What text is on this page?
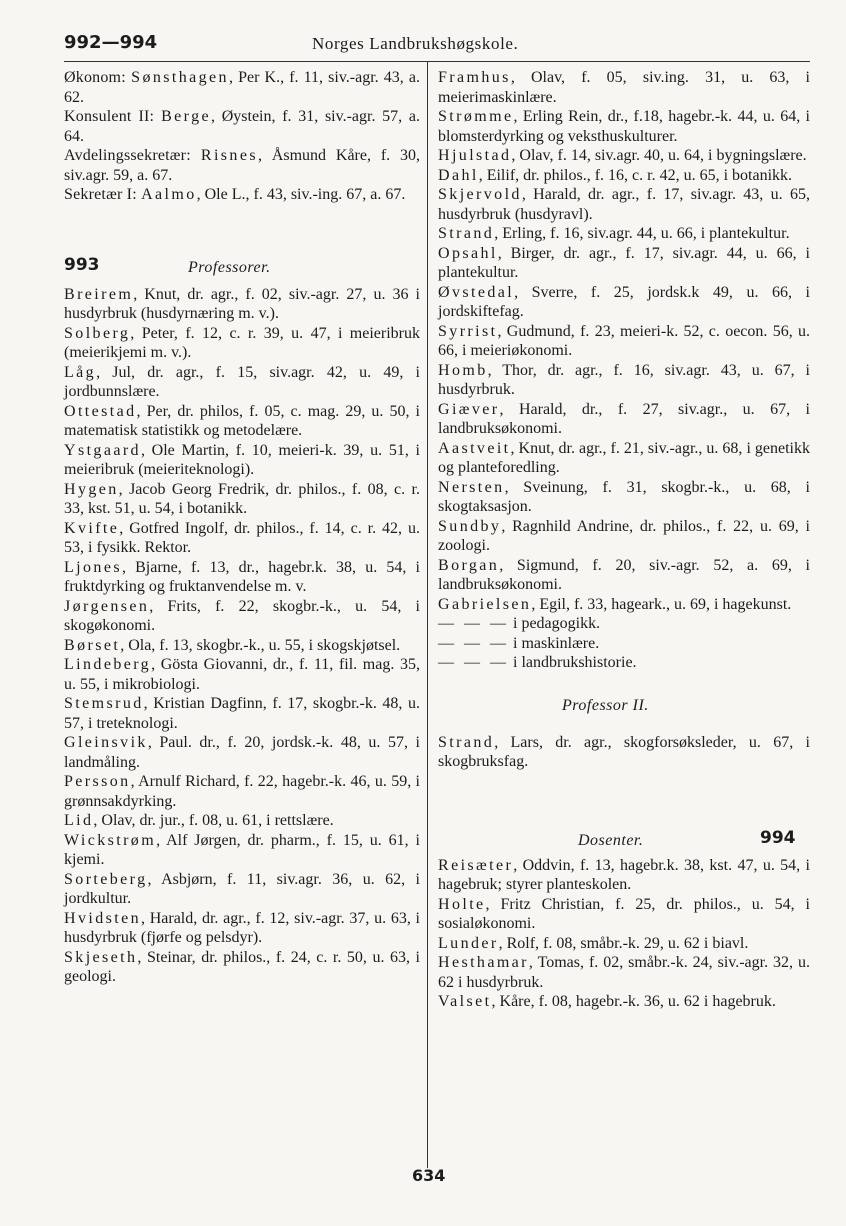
992—994	Norges Landbrukshøgskole.

Økonom: Sønsthagen, Per K., f. 11, siv.-agr. 43, a. 62.

Konsulent II: Berge, Øystein, f. 31, siv.-agr. 57, a. 64.

Avdelingssekretær: Risnes, Åsmund Kåre, f. 30, siv.agr. 59, a. 67.

Sekretær I: Aalmo, Ole L., f. 43, siv.-ing. 67, a. 67.

993	Professorer.

Breirem, Knut, dr. agr., f. 02, siv.-agr. 27, u. 36 i husdyrbruk (husdyrnæring m. v.).

Solberg, Peter, f. 12, c. r. 39, u. 47, i meieribruk (meierikjemi m. v.).

Låg, Jul, dr. agr., f. 15, siv.agr. 42, u. 49, i jordbunnslære.

Ottestad, Per, dr. philos, f. 05, c. mag. 29, u. 50, i matematisk statistikk og metodelære.

Ystgaard, Ole Martin, f. 10, meieri-k. 39, u. 51, i meieribruk (meieriteknologi).

Hygen, Jacob Georg Fredrik, dr. philos., f. 08, c. r. 33, kst. 51, u. 54, i botanikk.

Kvifte, Gotfred Ingolf, dr. philos., f. 14, c. r. 42, u. 53, i fysikk. Rektor.

Ljones, Bjarne, f. 13, dr., hagebr.k. 38, u. 54, i fruktdyrking og fruktanvendelse m. v.

Jørgensen, Frits, f. 22, skogbr.-k., u. 54, i skogøkonomi.

Børset, Ola, f. 13, skogbr.-k., u. 55, i skogskjøtsel.

Lindeberg, Gösta Giovanni, dr., f. 11, fil. mag. 35, u. 55, i mikrobiologi.

Stemsrud, Kristian Dagfinn, f. 17, skogbr.-k. 48, u. 57, i treteknologi.

Gleinsvik, Paul. dr., f. 20, jordsk.-k. 48, u. 57, i landmåling.

Persson, Arnulf Richard, f. 22, hagebr.-k. 46, u. 59, i grønnsakdyrking.

Lid, Olav, dr. jur., f. 08, u. 61, i rettslære.

Wickstrøm, Alf Jørgen, dr. pharm., f. 15, u. 61, i kjemi.

Sorteberg, Asbjørn, f. 11, siv.agr. 36, u. 62, i jordkultur.

Hvidsten, Harald, dr. agr., f. 12, siv.-agr. 37, u. 63, i husdyrbruk (fjørfe og pelsdyr).

Skjeseth, Steinar, dr. philos., f. 24, c. r. 50, u. 63, i geologi.

Framhus, Olav, f. 05, siv.ing. 31, u. 63, i meierimaskinlære.

Strømme, Erling Rein, dr., f.18, hagebr.-k. 44, u. 64, i blomsterdyrking og veksthuskulturer.

Hjulstad, Olav, f. 14, siv.agr. 40, u. 64, i bygningslære.

Dahl, Eilif, dr. philos., f. 16, c. r. 42, u. 65, i botanikk.

Skjervold, Harald, dr. agr., f. 17, siv.agr. 43, u. 65, husdyrbruk (husdyravl).

Strand, Erling, f. 16, siv.agr. 44, u. 66, i plantekultur.

Opsahl, Birger, dr. agr., f. 17, siv.agr. 44, u. 66, i plantekultur.

Øvstedal, Sverre, f. 25, jordsk.k 49, u. 66, i jordskiftefag.

Syrrist, Gudmund, f. 23, meieri-k. 52, c. oecon. 56, u. 66, i meieriøkonomi.

Homb, Thor, dr. agr., f. 16, siv.agr. 43, u. 67, i husdyrbruk.

Giæver, Harald, dr., f. 27, siv.agr., u. 67, i landbruksøkonomi.

Aastveit, Knut, dr. agr., f. 21, siv.-agr., u. 68, i genetikk og planteforedling.

Nersten, Sveinung, f. 31, skogbr.-k., u. 68, i skogtaksasjon.

Sundby, Ragnhild Andrine, dr. philos., f. 22, u. 69, i zoologi.

Borgan, Sigmund, f. 20, siv.-agr. 52, a. 69, i landbruksøkonomi.

Gabrielsen, Egil, f. 33, hageark., u. 69, i hagekunst.

— — — i pedagogikk.

— — — i maskinlære.

— — — i landbrukshistorie.

Professor II.

Strand, Lars, dr. agr., skogforsøksleder, u. 67, i skogbruksfag.

Dosenter.	994

Reisæter, Oddvin, f. 13, hagebr.k. 38, kst. 47, u. 54, i hagebruk; styrer planteskolen.

Holte, Fritz Christian, f. 25, dr. philos., u. 54, i sosialøkonomi.

Lunder, Rolf, f. 08, småbr.-k. 29, u. 62 i biavl.

Hesthamar, Tomas, f. 02, småbr.-k. 24, siv.-agr. 32, u. 62 i husdyrbruk.

Valset, Kåre, f. 08, hagebr.-k. 36, u. 62 i hagebruk.

634
